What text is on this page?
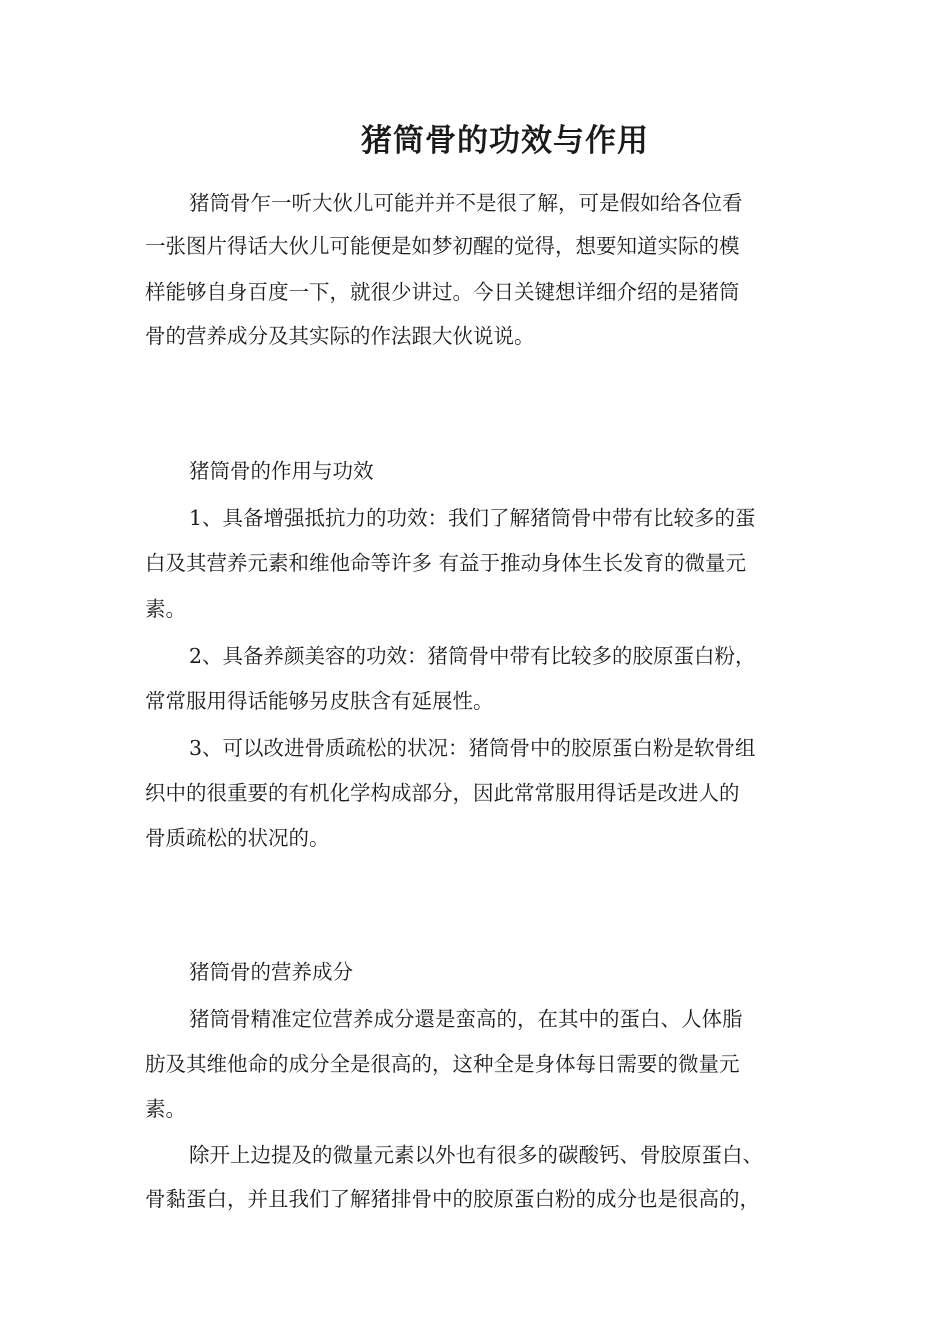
猪筒骨的功效与作用
猪筒骨乍一听大伙儿可能并并不是很了解，可是假如给各位看
一张图片得话大伙儿可能便是如梦初醒的觉得，想要知道实际的模
样能够自身百度一下，就很少讲过。今日关键想详细介绍的是猪筒
骨的营养成分及其实际的作法跟大伙说说。
猪筒骨的作用与功效
1、具备增强抵抗力的功效：我们了解猪筒骨中带有比较多的蛋
白及其营养元素和维他命等许多 有益于推动身体生长发育的微量元
素。
2、具备养颜美容的功效：猪筒骨中带有比较多的胶原蛋白粉，
常常服用得话能够另皮肤含有延展性。
3、可以改进骨质疏松的状况：猪筒骨中的胶原蛋白粉是软骨组
织中的很重要的有机化学构成部分，因此常常服用得话是改进人的
骨质疏松的状况的。
猪筒骨的营养成分
猪筒骨精准定位营养成分還是蛮高的，在其中的蛋白、人体脂
肪及其维他命的成分全是很高的，这种全是身体每日需要的微量元
素。
除开上边提及的微量元素以外也有很多的碳酸钙、骨胶原蛋白、
骨黏蛋白，并且我们了解猪排骨中的胶原蛋白粉的成分也是很高的，
